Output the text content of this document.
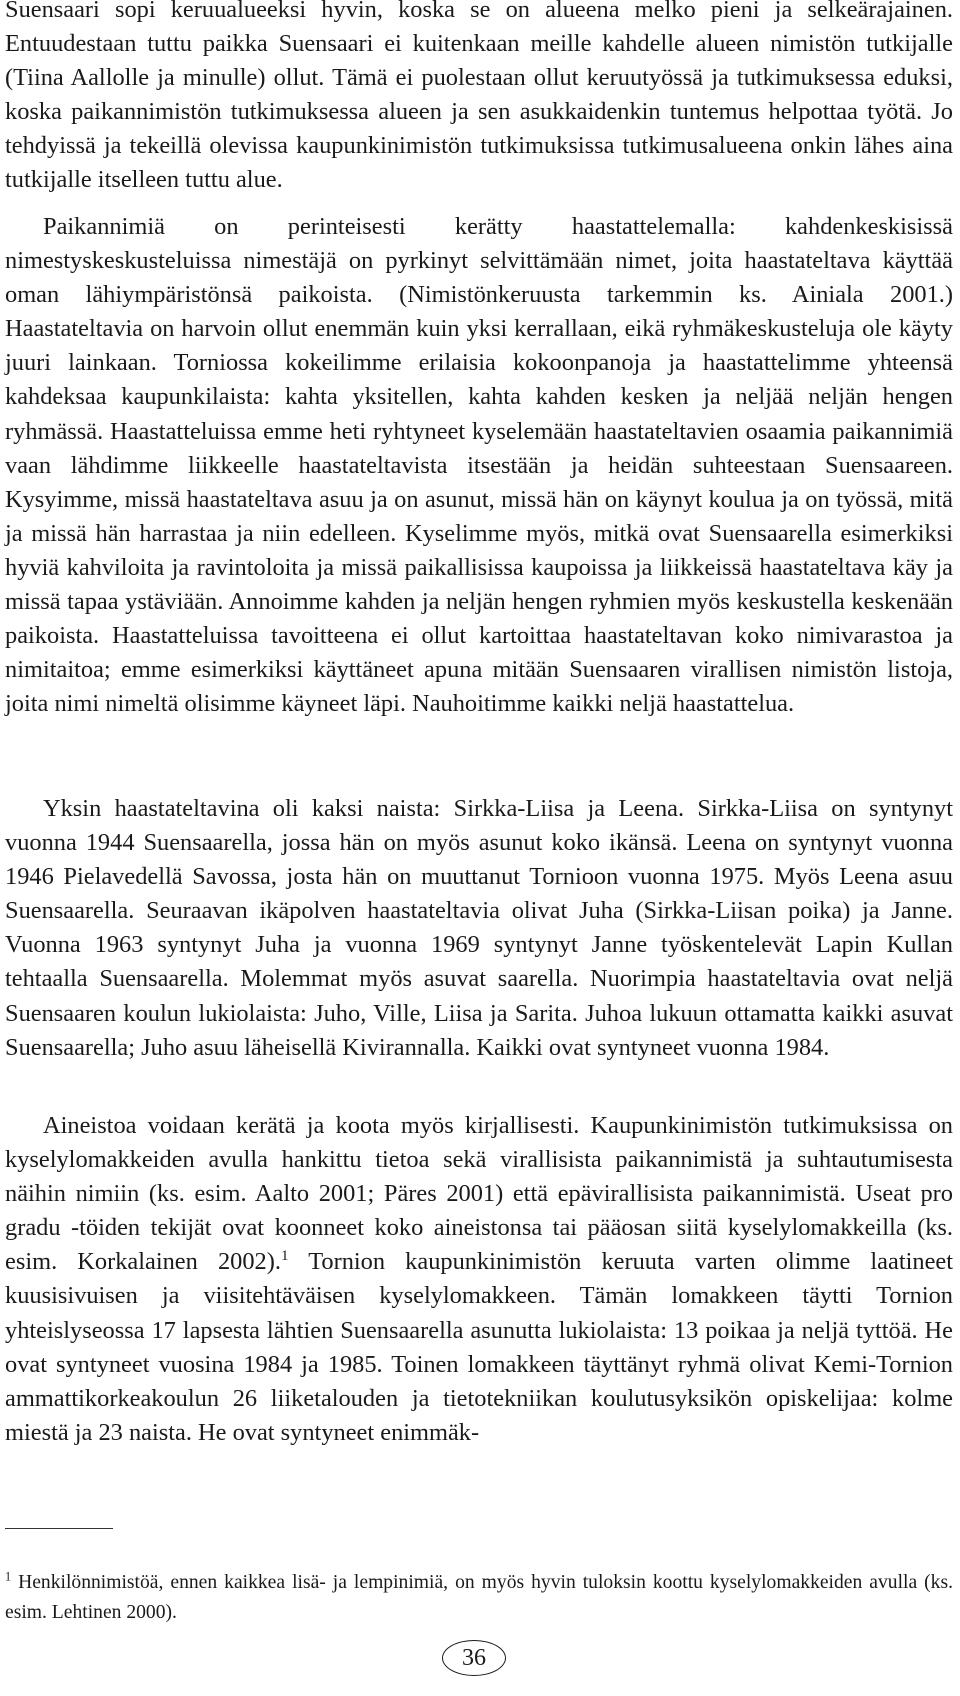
Suensaari sopi keruualueeksi hyvin, koska se on alueena melko pieni ja selkeärajainen. Entuudestaan tuttu paikka Suensaari ei kuitenkaan meille kahdelle alueen nimistön tutkijalle (Tiina Aallolle ja minulle) ollut. Tämä ei puolestaan ollut keruutyössä ja tutkimuksessa eduksi, koska paikannimistön tutkimuksessa alueen ja sen asukkaidenkin tuntemus helpottaa työtä. Jo tehdyissä ja tekeillä olevissa kaupunkinimistön tutkimuksissa tutkimusalueena onkin lähes aina tutkijalle itselleen tuttu alue.

Paikannimiä on perinteisesti kerätty haastattelemalla: kahdenkeskisissä nimestyskeskusteluissa nimestäjä on pyrkinyt selvittämään nimet, joita haastateltava käyttää oman lähiympäristönsä paikoista. (Nimistönkeruusta tarkemmin ks. Ainiala 2001.) Haastateltavia on harvoin ollut enemmän kuin yksi kerrallaan, eikä ryhmäkeskusteluja ole käyty juuri lainkaan. Torniossa kokeilimme erilaisia kokoonpanoja ja haastattelimme yhteensä kahdeksaa kaupunkilaista: kahta yksitellen, kahta kahden kesken ja neljää neljän hengen ryhmässä. Haastatteluissa emme heti ryhtyneet kyselemään haastateltavien osaamia paikannimiä vaan lähdimme liikkeelle haastateltavista itsestään ja heidän suhteestaan Suensaareen. Kysyimme, missä haastateltava asuu ja on asunut, missä hän on käynyt koulua ja on työssä, mitä ja missä hän harrastaa ja niin edelleen. Kyselimme myös, mitkä ovat Suensaarella esimerkiksi hyviä kahviloita ja ravintoloita ja missä paikallisissa kaupoissa ja liikkeissä haastateltava käy ja missä tapaa ystäviään. Annoimme kahden ja neljän hengen ryhmien myös keskustella keskenään paikoista. Haastatteluissa tavoitteena ei ollut kartoittaa haastateltavan koko nimivarastoa ja nimitaitoa; emme esimerkiksi käyttäneet apuna mitään Suensaaren virallisen nimistön listoja, joita nimi nimeltä olisimme käyneet läpi. Nauhoitimme kaikki neljä haastattelua.

Yksin haastateltavina oli kaksi naista: Sirkka-Liisa ja Leena. Sirkka-Liisa on syntynyt vuonna 1944 Suensaarella, jossa hän on myös asunut koko ikänsä. Leena on syntynyt vuonna 1946 Pielavedellä Savossa, josta hän on muuttanut Tornioon vuonna 1975. Myös Leena asuu Suensaarella. Seuraavan ikäpolven haastateltavia olivat Juha (Sirkka-Liisan poika) ja Janne. Vuonna 1963 syntynyt Juha ja vuonna 1969 syntynyt Janne työskentelevät Lapin Kullan tehtaalla Suensaarella. Molemmat myös asuvat saarella. Nuorimpia haastateltavia ovat neljä Suensaaren koulun lukiolaista: Juho, Ville, Liisa ja Sarita. Juhoa lukuun ottamatta kaikki asuvat Suensaarella; Juho asuu läheisellä Kivirannalla. Kaikki ovat syntyneet vuonna 1984.

Aineistoa voidaan kerätä ja koota myös kirjallisesti. Kaupunkinimistön tutkimuksissa on kyselylomakkeiden avulla hankittu tietoa sekä virallisista paikannimistä ja suhtautumisesta näihin nimiin (ks. esim. Aalto 2001; Päres 2001) että epävirallisista paikannimistä. Useat pro gradu -töiden tekijät ovat koonneet koko aineistonsa tai pääosan siitä kyselylomakkeilla (ks. esim. Korkalainen 2002).$^1$ Tornion kaupunkinimistön keruuta varten olimme laatineet kuusisivuisen ja viisitehtäväisen kyselylomakkeen. Tämän lomakkeen täytti Tornion yhteislyseossa 17 lapsesta lähtien Suensaarella asunutta lukiolaista: 13 poikaa ja neljä tyttöä. He ovat syntyneet vuosina 1984 ja 1985. Toinen lomakkeen täyttänyt ryhmä olivat Kemi-Tornion ammattikorkeakoulun 26 liiketalouden ja tietotekniikan koulutusyksikön opiskelijaa: kolme miestä ja 23 naista. He ovat syntyneet enimmäk-

$^1$ Henkilönnimistöä, ennen kaikkea lisä- ja lempinimiä, on myös hyvin tuloksin koottu kyselylomakkeiden avulla (ks. esim. Lehtinen 2000).

36
